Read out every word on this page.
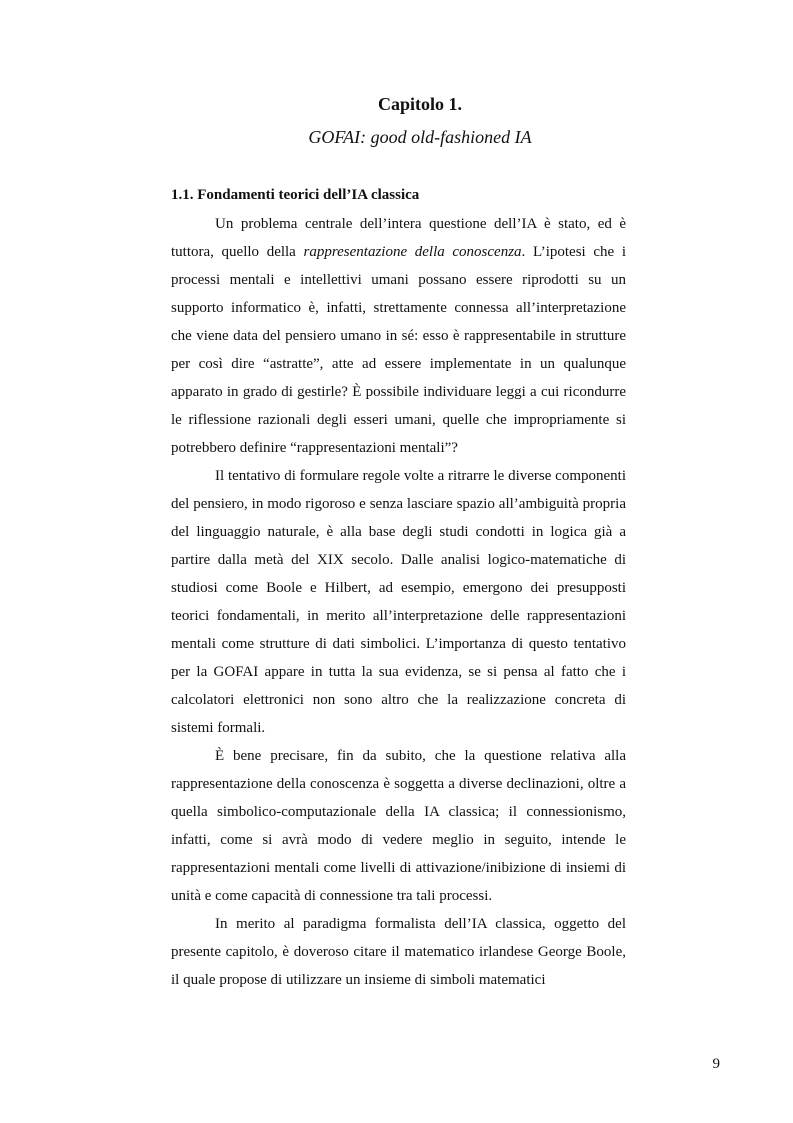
Capitolo 1.
GOFAI: good old-fashioned IA
1.1. Fondamenti teorici dell’IA classica

Un problema centrale dell’intera questione dell’IA è stato, ed è tuttora, quello della rappresentazione della conoscenza. L’ipotesi che i processi mentali e intellettivi umani possano essere riprodotti su un supporto informatico è, infatti, strettamente connessa all’interpretazione che viene data del pensiero umano in sé: esso è rappresentabile in strutture per così dire “astratte”, atte ad essere implementate in un qualunque apparato in grado di gestirle? È possibile individuare leggi a cui ricondurre le riflessione razionali degli esseri umani, quelle che impropriamente si potrebbero definire “rappresentazioni mentali”?

Il tentativo di formulare regole volte a ritrarre le diverse componenti del pensiero, in modo rigoroso e senza lasciare spazio all’ambiguità propria del linguaggio naturale, è alla base degli studi condotti in logica già a partire dalla metà del XIX secolo. Dalle analisi logico-matematiche di studiosi come Boole e Hilbert, ad esempio, emergono dei presupposti teorici fondamentali, in merito all’interpretazione delle rappresentazioni mentali come strutture di dati simbolici. L’importanza di questo tentativo per la GOFAI appare in tutta la sua evidenza, se si pensa al fatto che i calcolatori elettronici non sono altro che la realizzazione concreta di sistemi formali.

È bene precisare, fin da subito, che la questione relativa alla rappresentazione della conoscenza è soggetta a diverse declinazioni, oltre a quella simbolico-computazionale della IA classica; il connessionismo, infatti, come si avrà modo di vedere meglio in seguito, intende le rappresentazioni mentali come livelli di attivazione/inibizione di insiemi di unità e come capacità di connessione tra tali processi.

In merito al paradigma formalista dell’IA classica, oggetto del presente capitolo, è doveroso citare il matematico irlandese George Boole, il quale propose di utilizzare un insieme di simboli matematici

9
